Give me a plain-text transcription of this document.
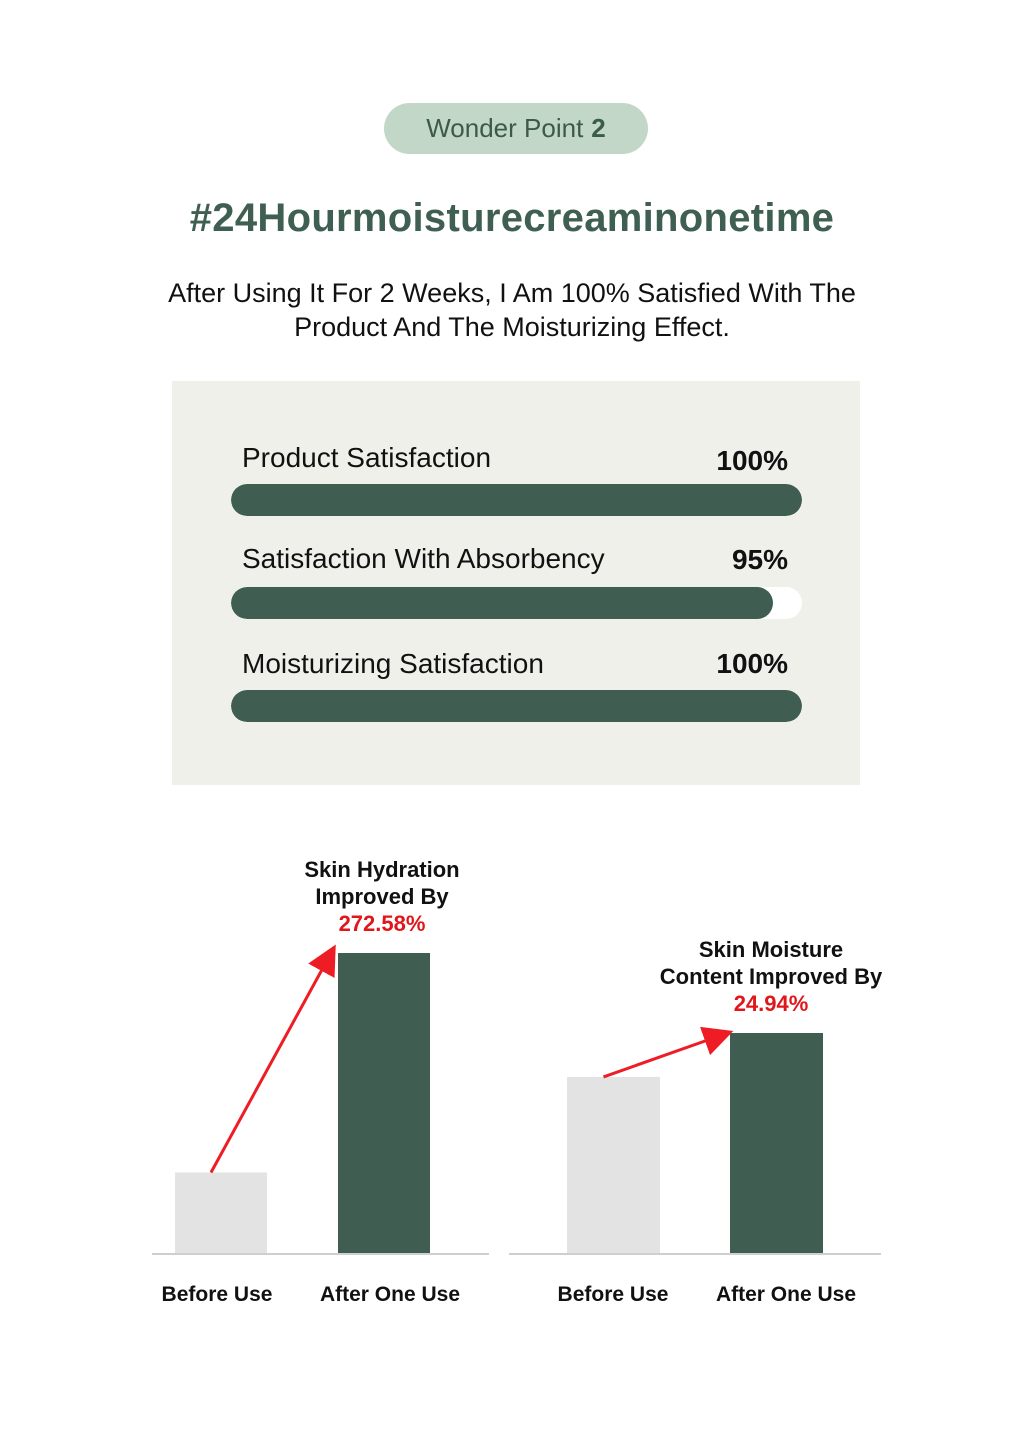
Wonder Point 2
#24Hourmoisturecreaminonetime
After Using It For 2 Weeks, I Am 100% Satisfied With The
Product And The Moisturizing Effect.
Product Satisfaction	100%
Satisfaction With Absorbency	95%
Moisturizing Satisfaction	100%
Skin Hydration
Improved By
272.58%
Skin Moisture
Content Improved By
24.94%
Before Use	After One Use	Before Use	After One Use
